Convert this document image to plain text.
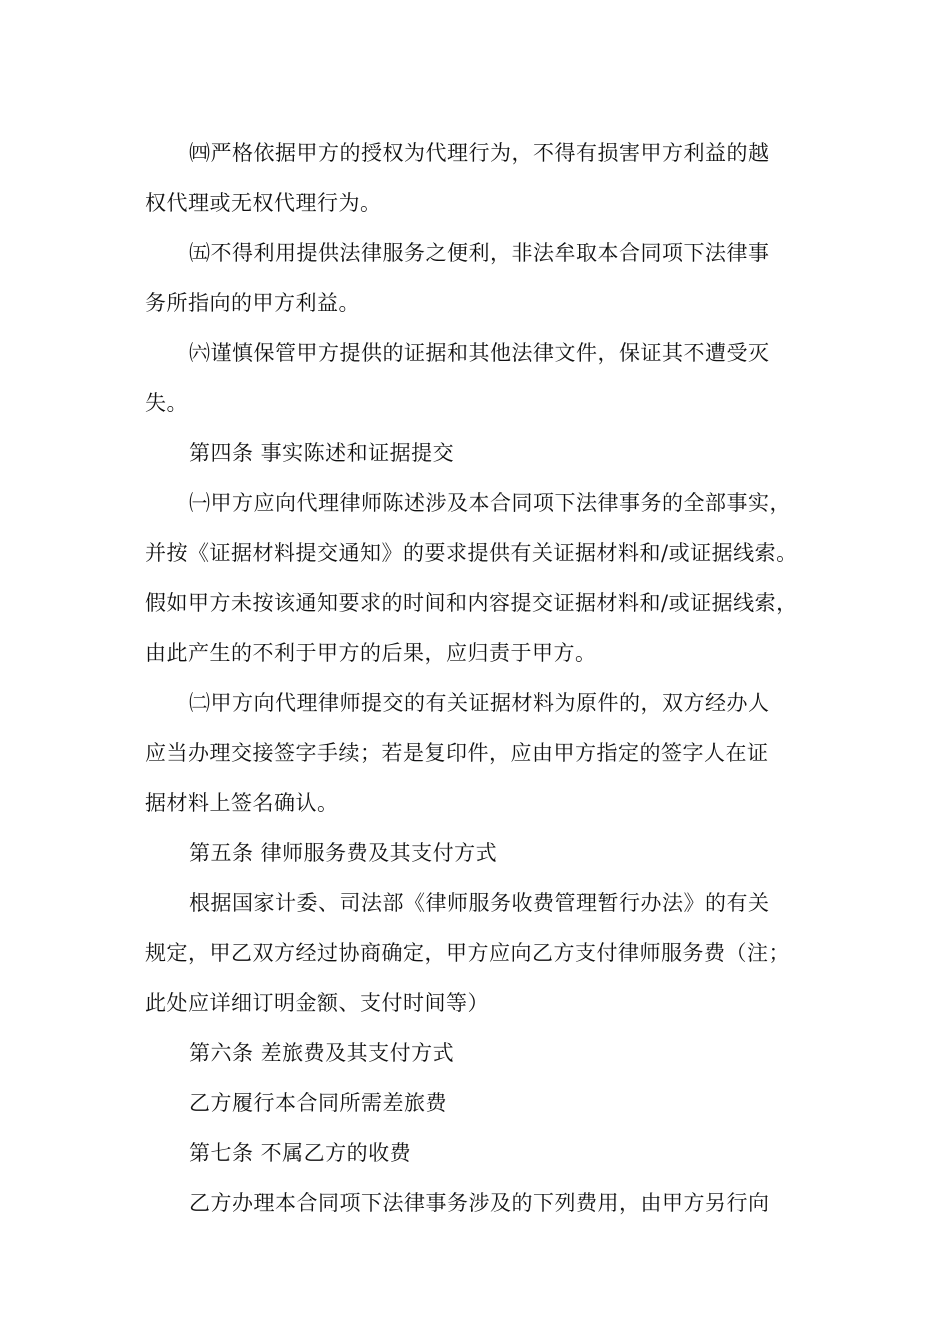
㈣严格依据甲方的授权为代理行为，不得有损害甲方利益的越
权代理或无权代理行为。
㈤不得利用提供法律服务之便利，非法牟取本合同项下法律事
务所指向的甲方利益。
㈥谨慎保管甲方提供的证据和其他法律文件，保证其不遭受灭
失。
第四条 事实陈述和证据提交
㈠甲方应向代理律师陈述涉及本合同项下法律事务的全部事实，
并按《证据材料提交通知》的要求提供有关证据材料和/或证据线索。
假如甲方未按该通知要求的时间和内容提交证据材料和/或证据线索，
由此产生的不利于甲方的后果，应归责于甲方。
㈡甲方向代理律师提交的有关证据材料为原件的，双方经办人
应当办理交接签字手续；若是复印件，应由甲方指定的签字人在证
据材料上签名确认。
第五条 律师服务费及其支付方式
根据国家计委、司法部《律师服务收费管理暂行办法》的有关
规定，甲乙双方经过协商确定，甲方应向乙方支付律师服务费（注；
此处应详细订明金额、支付时间等）
第六条 差旅费及其支付方式
乙方履行本合同所需差旅费
第七条 不属乙方的收费
乙方办理本合同项下法律事务涉及的下列费用，由甲方另行向
